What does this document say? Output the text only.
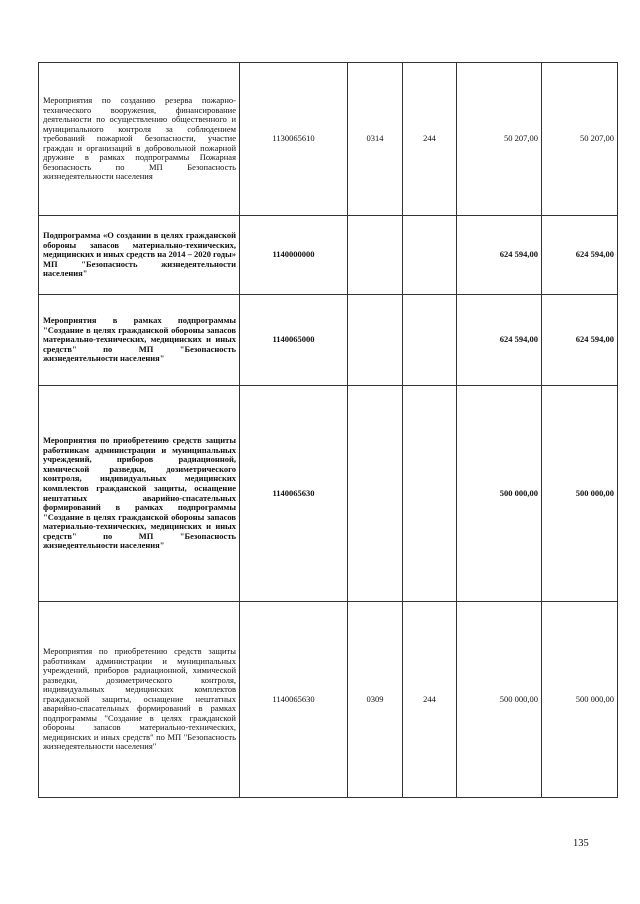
Мероприятия по созданию резерва пожарно-технического вооружения, финансирование деятельности по осуществлению общественного и муниципального контроля за соблюдением требований пожарной безопасности, участие граждан и организаций в добровольной пожарной дружине в рамках подпрограммы Пожарная безопасность по МП Безопасность жизнедеятельности населения	1130065610	0314	244	50 207,00	50 207,00
Подпрограмма «О создании в целях гражданской обороны запасов материально-технических, медицинских и иных средств на 2014 – 2020 годы» МП "Безопасность жизнедеятельности населения"	1140000000			624 594,00	624 594,00
Мероприятия в рамках подпрограммы "Создание в целях гражданской обороны запасов материально-технических, медицинских и иных средств" по МП "Безопасность жизнедеятельности населения"	1140065000			624 594,00	624 594,00
Мероприятия по приобретению средств защиты работникам администрации и муниципальных учреждений, приборов радиационной, химической разведки, дозиметрического контроля, индивидуальных медицинских комплектов гражданской защиты, оснащение нештатных аварийно-спасательных формирований в рамках подпрограммы "Создание в целях гражданской обороны запасов материально-технических, медицинских и иных средств" по МП "Безопасность жизнедеятельности населения"	1140065630			500 000,00	500 000,00
Мероприятия по приобретению средств защиты работникам администрации и муниципальных учреждений, приборов радиационной, химической разведки, дозиметрического контроля, индивидуальных медицинских комплектов гражданской защиты, оснащение нештатных аварийно-спасательных формирований в рамках подпрограммы "Создание в целях гражданской обороны запасов материально-технических, медицинских и иных средств" по МП "Безопасность жизнедеятельности населения"	1140065630	0309	244	500 000,00	500 000,00
135
